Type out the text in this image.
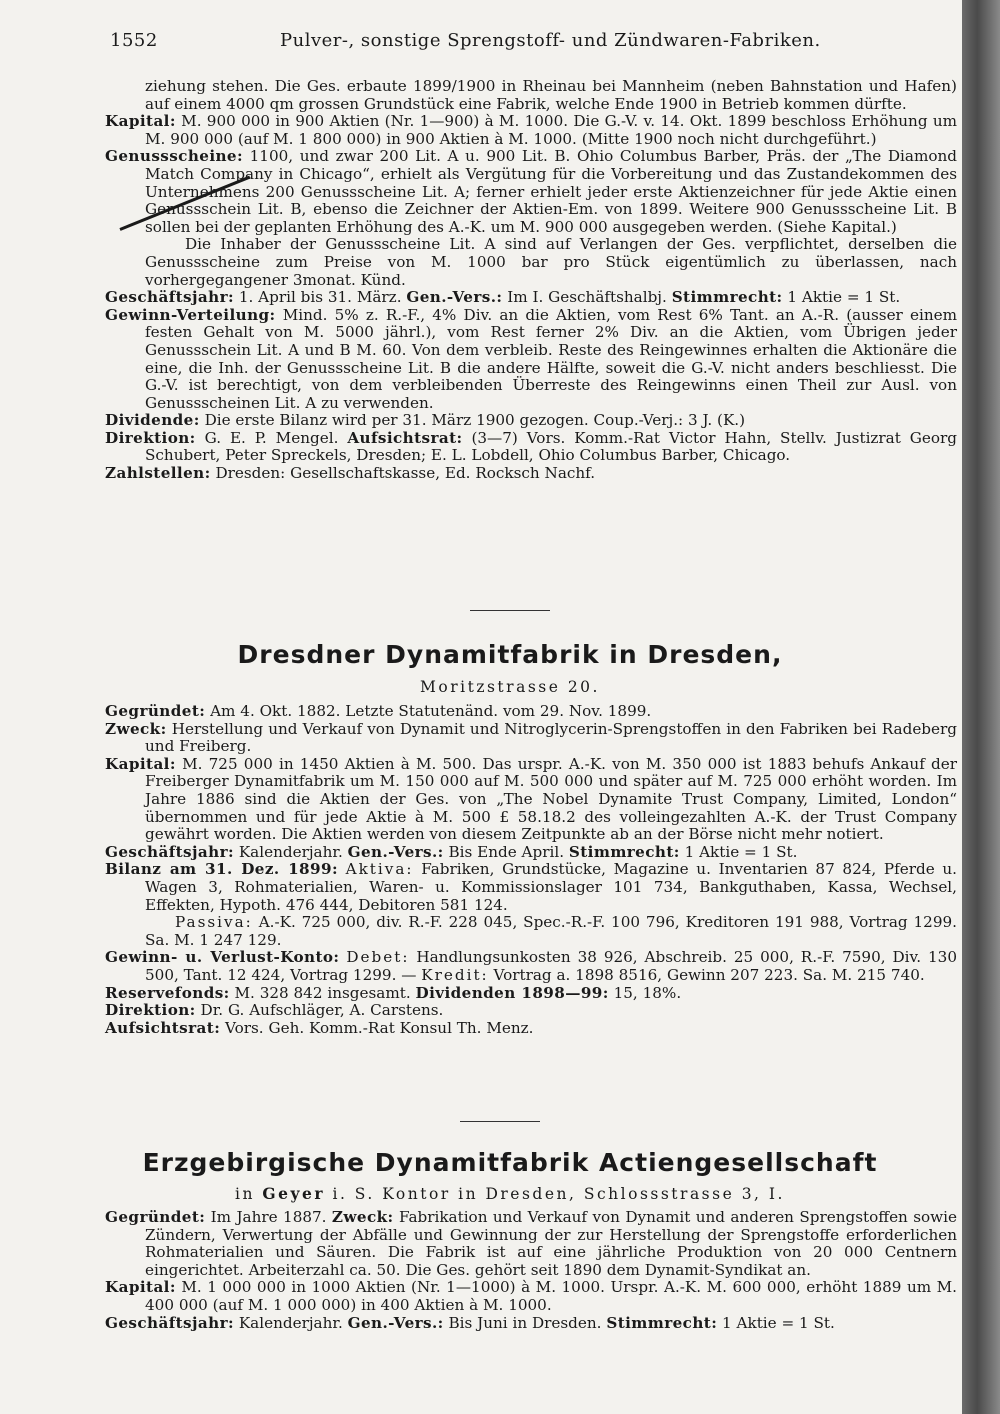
1552	Pulver-, sonstige Sprengstoff- und Zündwaren-Fabriken.

ziehung stehen. Die Ges. erbaute 1899/1900 in Rheinau bei Mannheim (neben Bahnstation und Hafen) auf einem 4000 qm grossen Grundstück eine Fabrik, welche Ende 1900 in Betrieb kommen dürfte.

Kapital: M. 900 000 in 900 Aktien (Nr. 1—900) à M. 1000. Die G.-V. v. 14. Okt. 1899 beschloss Erhöhung um M. 900 000 (auf M. 1 800 000) in 900 Aktien à M. 1000. (Mitte 1900 noch nicht durchgeführt.)

Genussscheine: 1100, und zwar 200 Lit. A u. 900 Lit. B. Ohio Columbus Barber, Präs. der „The Diamond Match Company in Chicago“, erhielt als Vergütung für die Vorbereitung und das Zustandekommen des Unternehmens 200 Genussscheine Lit. A; ferner erhielt jeder erste Aktienzeichner für jede Aktie einen Genussschein Lit. B, ebenso die Zeichner der Aktien-Em. von 1899. Weitere 900 Genussscheine Lit. B sollen bei der geplanten Erhöhung des A.-K. um M. 900 000 ausgegeben werden. (Siehe Kapital.)

Die Inhaber der Genussscheine Lit. A sind auf Verlangen der Ges. verpflichtet, derselben die Genussscheine zum Preise von M. 1000 bar pro Stück eigentümlich zu überlassen, nach vorhergegangener 3monat. Künd.

Geschäftsjahr: 1. April bis 31. März. Gen.-Vers.: Im I. Geschäftshalbj. Stimmrecht: 1 Aktie = 1 St.

Gewinn-Verteilung: Mind. 5% z. R.-F., 4% Div. an die Aktien, vom Rest 6% Tant. an A.-R. (ausser einem festen Gehalt von M. 5000 jährl.), vom Rest ferner 2% Div. an die Aktien, vom Übrigen jeder Genussschein Lit. A und B M. 60. Von dem verbleib. Reste des Reingewinnes erhalten die Aktionäre die eine, die Inh. der Genussscheine Lit. B die andere Hälfte, soweit die G.-V. nicht anders beschliesst. Die G.-V. ist berechtigt, von dem verbleibenden Überreste des Reingewinns einen Theil zur Ausl. von Genussscheinen Lit. A zu verwenden.

Dividende: Die erste Bilanz wird per 31. März 1900 gezogen. Coup.-Verj.: 3 J. (K.)

Direktion: G. E. P. Mengel. Aufsichtsrat: (3—7) Vors. Komm.-Rat Victor Hahn, Stellv. Justizrat Georg Schubert, Peter Spreckels, Dresden; E. L. Lobdell, Ohio Columbus Barber, Chicago.

Zahlstellen: Dresden: Gesellschaftskasse, Ed. Rocksch Nachf.

Dresdner Dynamitfabrik in Dresden,
Moritzstrasse 20.

Gegründet: Am 4. Okt. 1882. Letzte Statutenänd. vom 29. Nov. 1899.

Zweck: Herstellung und Verkauf von Dynamit und Nitroglycerin-Sprengstoffen in den Fabriken bei Radeberg und Freiberg.

Kapital: M. 725 000 in 1450 Aktien à M. 500. Das urspr. A.-K. von M. 350 000 ist 1883 behufs Ankauf der Freiberger Dynamitfabrik um M. 150 000 auf M. 500 000 und später auf M. 725 000 erhöht worden. Im Jahre 1886 sind die Aktien der Ges. von „The Nobel Dynamite Trust Company, Limited, London“ übernommen und für jede Aktie à M. 500 £ 58.18.2 des volleingezahlten A.-K. der Trust Company gewährt worden. Die Aktien werden von diesem Zeitpunkte ab an der Börse nicht mehr notiert.

Geschäftsjahr: Kalenderjahr. Gen.-Vers.: Bis Ende April. Stimmrecht: 1 Aktie = 1 St.

Bilanz am 31. Dez. 1899: Aktiva: Fabriken, Grundstücke, Magazine u. Inventarien 87 824, Pferde u. Wagen 3, Rohmaterialien, Waren- u. Kommissionslager 101 734, Bankguthaben, Kassa, Wechsel, Effekten, Hypoth. 476 444, Debitoren 581 124.

Passiva: A.-K. 725 000, div. R.-F. 228 045, Spec.-R.-F. 100 796, Kreditoren 191 988, Vortrag 1299. Sa. M. 1 247 129.

Gewinn- u. Verlust-Konto: Debet: Handlungsunkosten 38 926, Abschreib. 25 000, R.-F. 7590, Div. 130 500, Tant. 12 424, Vortrag 1299. — Kredit: Vortrag a. 1898 8516, Gewinn 207 223. Sa. M. 215 740.

Reservefonds: M. 328 842 insgesamt. Dividenden 1898—99: 15, 18%.

Direktion: Dr. G. Aufschläger, A. Carstens.

Aufsichtsrat: Vors. Geh. Komm.-Rat Konsul Th. Menz.

Erzgebirgische Dynamitfabrik Actiengesellschaft
in Geyer i. S. Kontor in Dresden, Schlossstrasse 3, I.

Gegründet: Im Jahre 1887. Zweck: Fabrikation und Verkauf von Dynamit und anderen Sprengstoffen sowie Zündern, Verwertung der Abfälle und Gewinnung der zur Herstellung der Sprengstoffe erforderlichen Rohmaterialien und Säuren. Die Fabrik ist auf eine jährliche Produktion von 20 000 Centnern eingerichtet. Arbeiterzahl ca. 50. Die Ges. gehört seit 1890 dem Dynamit-Syndikat an.

Kapital: M. 1 000 000 in 1000 Aktien (Nr. 1—1000) à M. 1000. Urspr. A.-K. M. 600 000, erhöht 1889 um M. 400 000 (auf M. 1 000 000) in 400 Aktien à M. 1000.

Geschäftsjahr: Kalenderjahr. Gen.-Vers.: Bis Juni in Dresden. Stimmrecht: 1 Aktie = 1 St.
